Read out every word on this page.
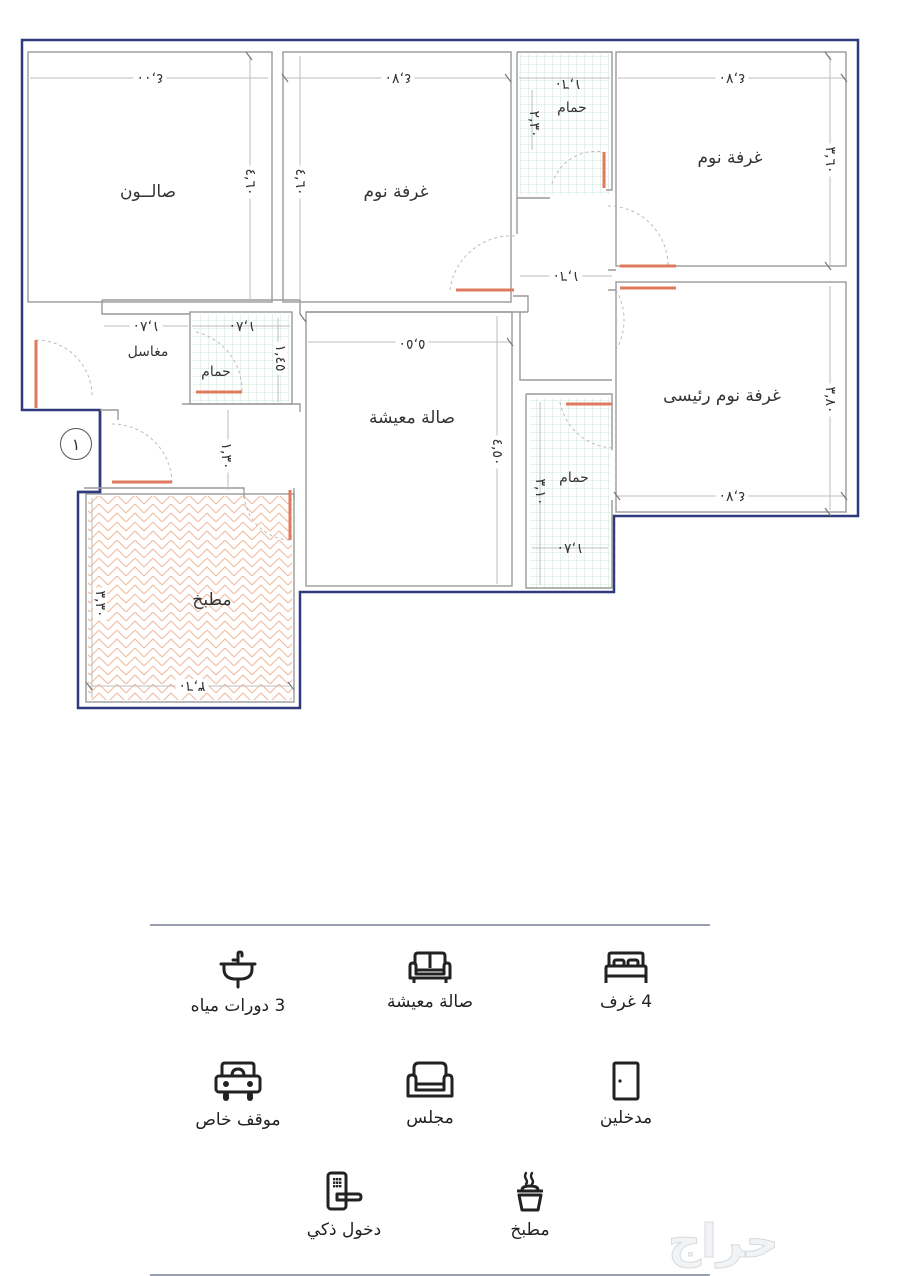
صالــون	غرفة نوم
حمام
غرفة نوم
مغاسل
حمام
صالة معيشة
غرفة نوم رئيسى
حمام
مطبخ
١
٤,٠٠
٤,٦٠
٤,٧٠
٤,٦٠
١,٦٠
٢,٣٠
٤,٧٠
٣,٦٠
١,٦٠
١,٨٠	١,٨٠
١,٤٥
٥,٥٠
٤,٥٠
٣,٨٠
٤,٧٠
٣,١٠
١,٨٠
١,٣٠
٣,٣٠
٣,٦٠
4 غرف
صالة معيشة
3 دورات مياه
مدخلين
مجلس
موقف خاص
مطبخ
دخول ذكي	حراج
